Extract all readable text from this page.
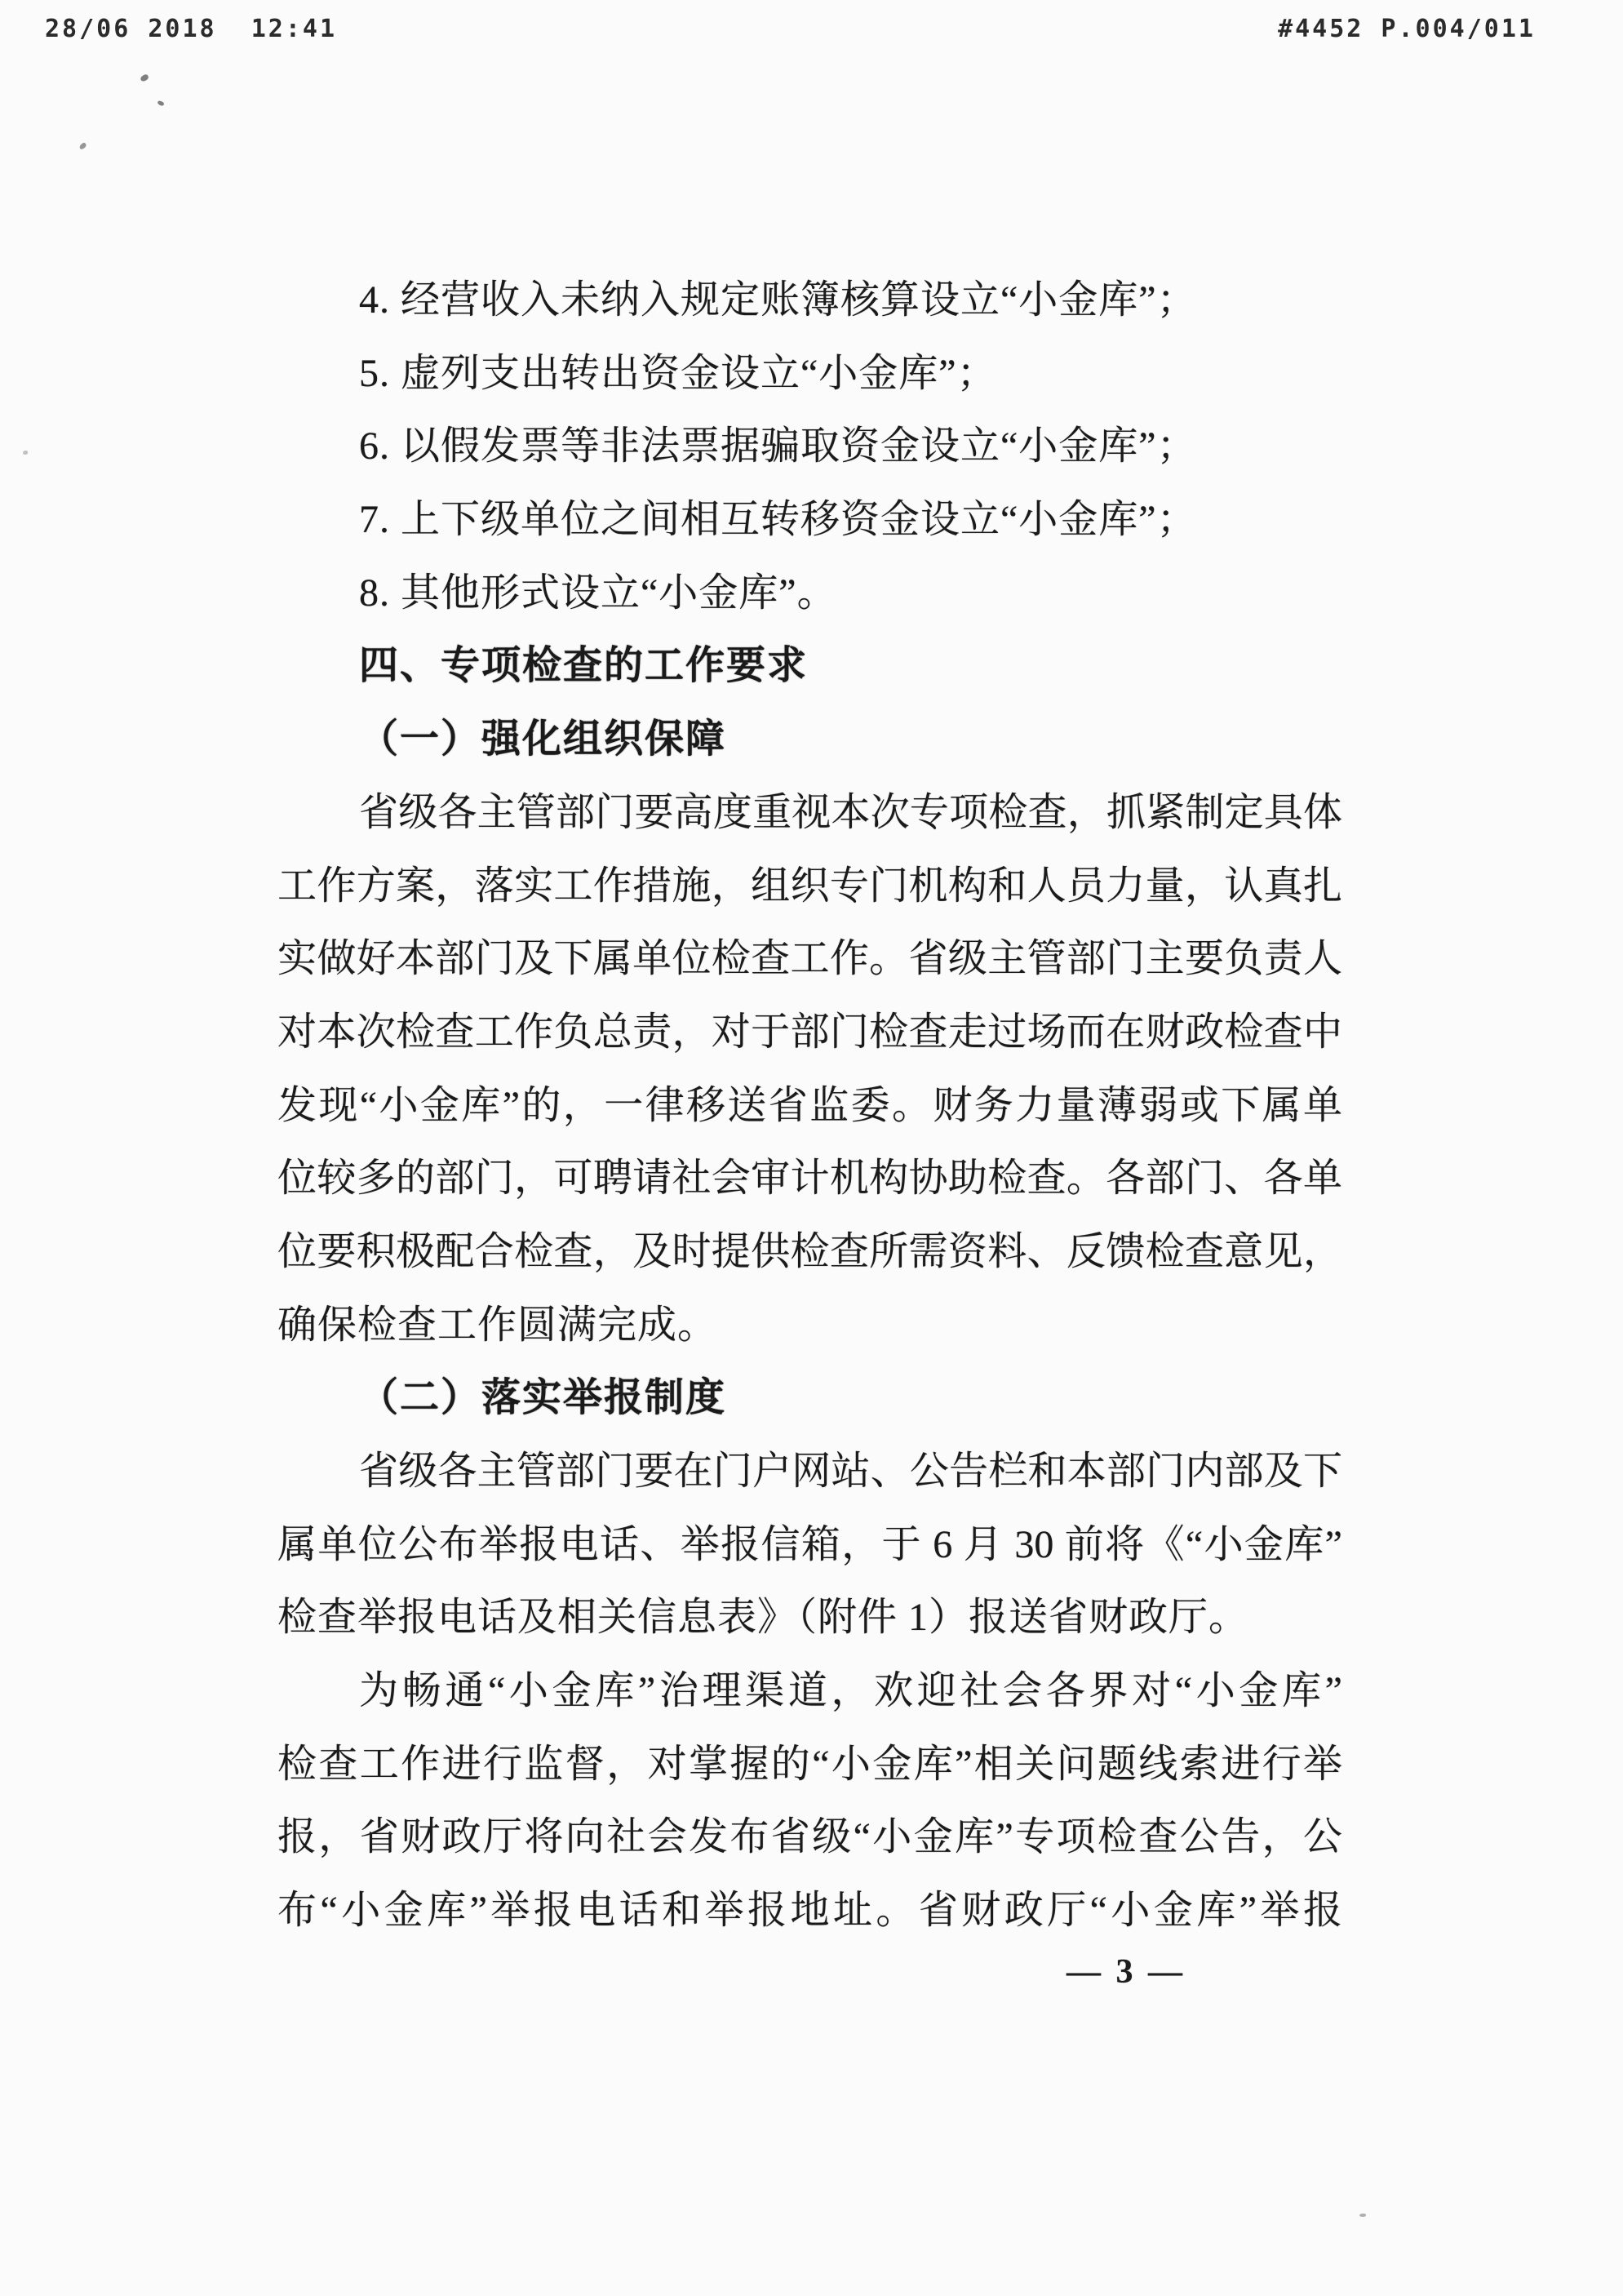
28/06 2018  12:41

	#4452 P.004/011

4. 经营收入未纳入规定账簿核算设立“小金库”；
5. 虚列支出转出资金设立“小金库”；
6. 以假发票等非法票据骗取资金设立“小金库”；
7. 上下级单位之间相互转移资金设立“小金库”；
8. 其他形式设立“小金库”。
四、专项检查的工作要求
（一）强化组织保障
省级各主管部门要高度重视本次专项检查，抓紧制定具体
工作方案，落实工作措施，组织专门机构和人员力量，认真扎
实做好本部门及下属单位检查工作。省级主管部门主要负责人
对本次检查工作负总责，对于部门检查走过场而在财政检查中
发现“小金库”的，一律移送省监委。财务力量薄弱或下属单
位较多的部门，可聘请社会审计机构协助检查。各部门、各单
位要积极配合检查，及时提供检查所需资料、反馈检查意见，
确保检查工作圆满完成。
（二）落实举报制度
省级各主管部门要在门户网站、公告栏和本部门内部及下
属单位公布举报电话、举报信箱，于 6 月 30 前将《“小金库”
检查举报电话及相关信息表》（附件 1）报送省财政厅。
为畅通“小金库”治理渠道，欢迎社会各界对“小金库”
检查工作进行监督，对掌握的“小金库”相关问题线索进行举
报，省财政厅将向社会发布省级“小金库”专项检查公告，公
布“小金库”举报电话和举报地址。省财政厅“小金库”举报
— 3 —
